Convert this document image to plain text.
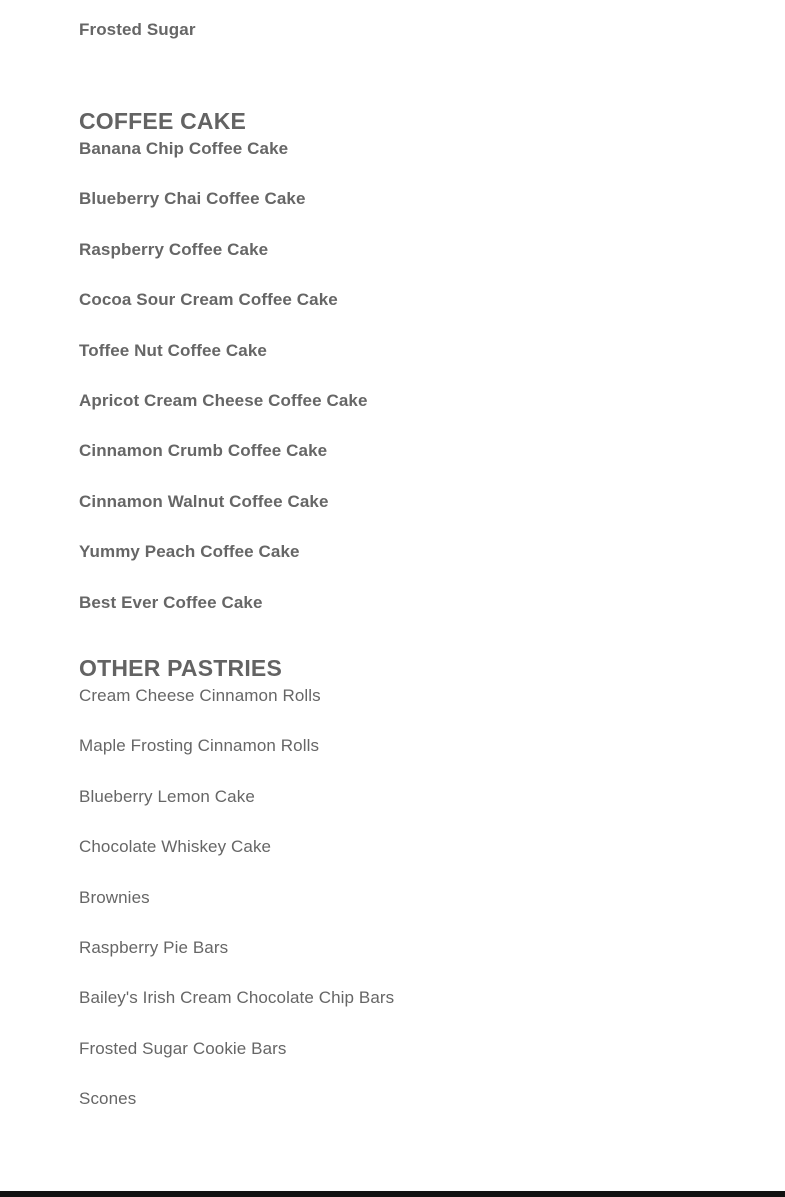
Frosted Sugar
COFFEE CAKE
Banana Chip Coffee Cake
Blueberry Chai Coffee Cake
Raspberry Coffee Cake
Cocoa Sour Cream Coffee Cake
Toffee Nut Coffee Cake
Apricot Cream Cheese Coffee Cake
Cinnamon Crumb Coffee Cake
Cinnamon Walnut Coffee Cake
Yummy Peach Coffee Cake
Best Ever Coffee Cake
OTHER PASTRIES
Cream Cheese Cinnamon Rolls
Maple Frosting Cinnamon Rolls
Blueberry Lemon Cake
Chocolate Whiskey Cake
Brownies
Raspberry Pie Bars
Bailey's Irish Cream Chocolate Chip Bars
Frosted Sugar Cookie Bars
Scones
